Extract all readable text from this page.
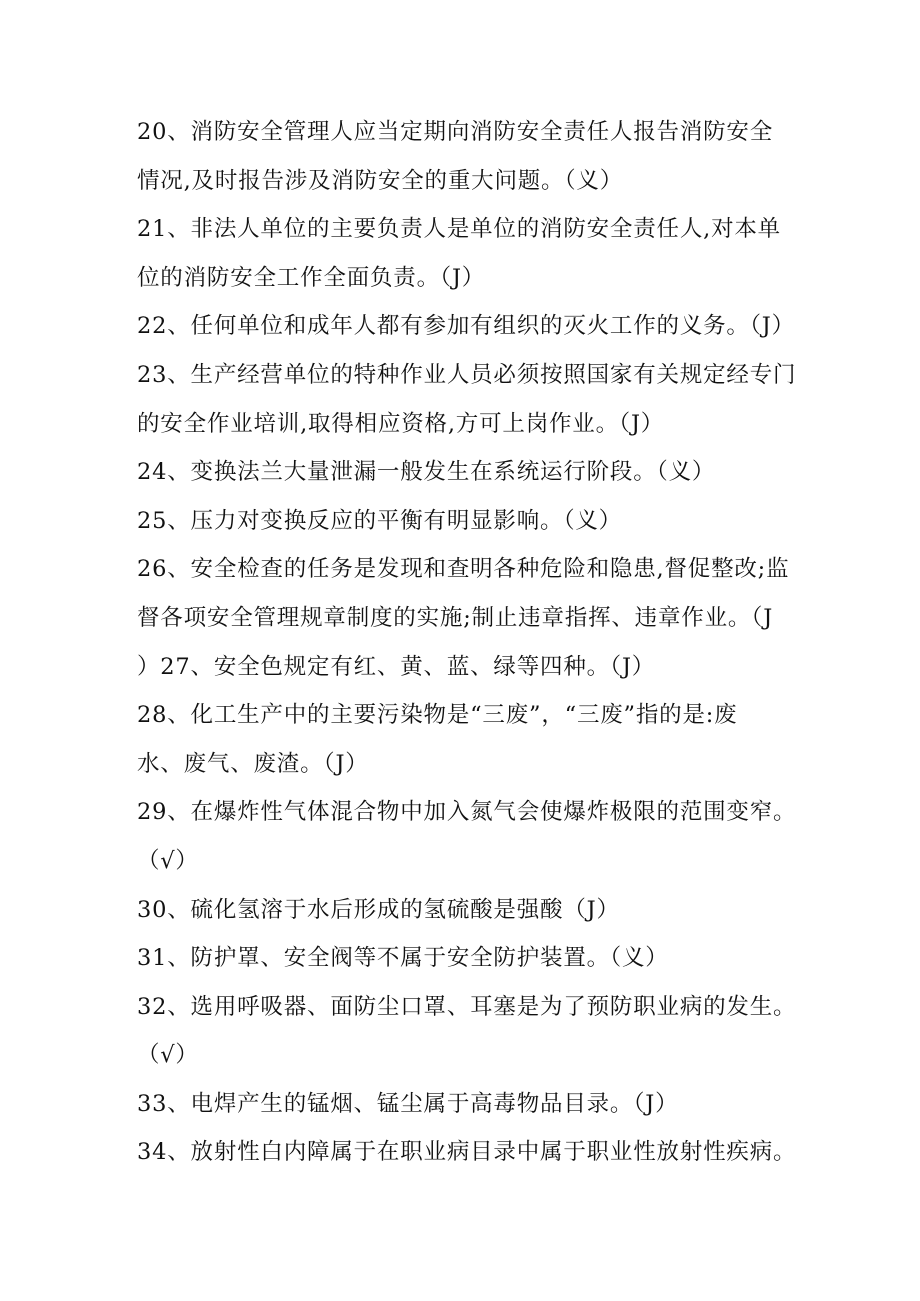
20、消防安全管理人应当定期向消防安全责任人报告消防安全
情况,及时报告涉及消防安全的重大问题。（义）
21、非法人单位的主要负责人是单位的消防安全责任人,对本单
位的消防安全工作全面负责。（J）
22、任何单位和成年人都有参加有组织的灭火工作的义务。（J）
23、生产经营单位的特种作业人员必须按照国家有关规定经专门
的安全作业培训,取得相应资格,方可上岗作业。（J）
24、变换法兰大量泄漏一般发生在系统运行阶段。（义）
25、压力对变换反应的平衡有明显影响。（义）
26、安全检查的任务是发现和查明各种危险和隐患,督促整改;监
督各项安全管理规章制度的实施;制止违章指挥、违章作业。（J
）27、安全色规定有红、黄、蓝、绿等四种。（J）
28、化工生产中的主要污染物是“三废”，“三废”指的是:废
水、废气、废渣。（J）
29、在爆炸性气体混合物中加入氮气会使爆炸极限的范围变窄。
（√）
30、硫化氢溶于水后形成的氢硫酸是强酸（J）
31、防护罩、安全阀等不属于安全防护装置。（义）
32、选用呼吸器、面防尘口罩、耳塞是为了预防职业病的发生。
（√）
33、电焊产生的锰烟、锰尘属于高毒物品目录。（J）
34、放射性白内障属于在职业病目录中属于职业性放射性疾病。
